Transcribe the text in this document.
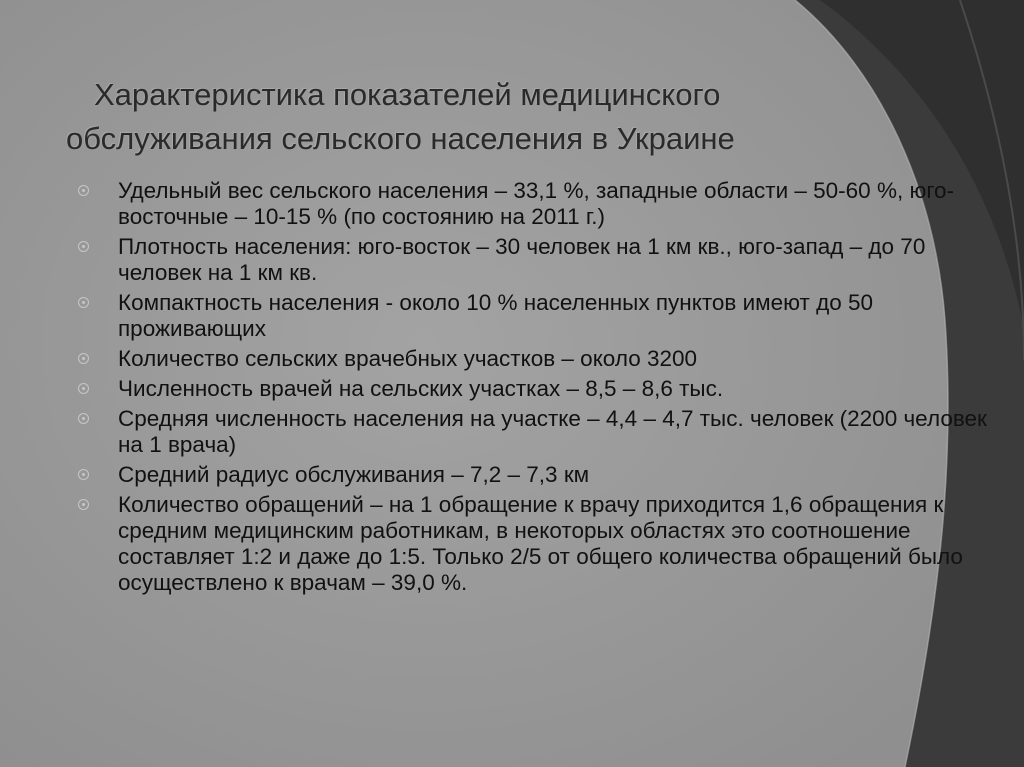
Характеристика показателей медицинского
обслуживания сельского населения в Украине
Удельный вес сельского населения – 33,1 %, западные области – 50-60 %, юго-восточные – 10-15 % (по состоянию на 2011 г.)
Плотность населения: юго-восток – 30 человек на 1 км кв., юго-запад – до 70 человек на 1 км кв.
Компактность населения - около 10 % населенных пунктов имеют до 50 проживающих
Количество сельских врачебных участков – около 3200
Численность врачей на сельских участках – 8,5 – 8,6 тыс.
Средняя численность населения на участке – 4,4 – 4,7 тыс. человек (2200 человек на 1 врача)
Средний радиус обслуживания – 7,2 – 7,3 км
Количество обращений – на 1 обращение к врачу приходится 1,6 обращения к средним медицинским работникам, в некоторых областях это соотношение составляет 1:2 и даже до 1:5. Только 2/5 от общего количества обращений было осуществлено к врачам – 39,0 %.
